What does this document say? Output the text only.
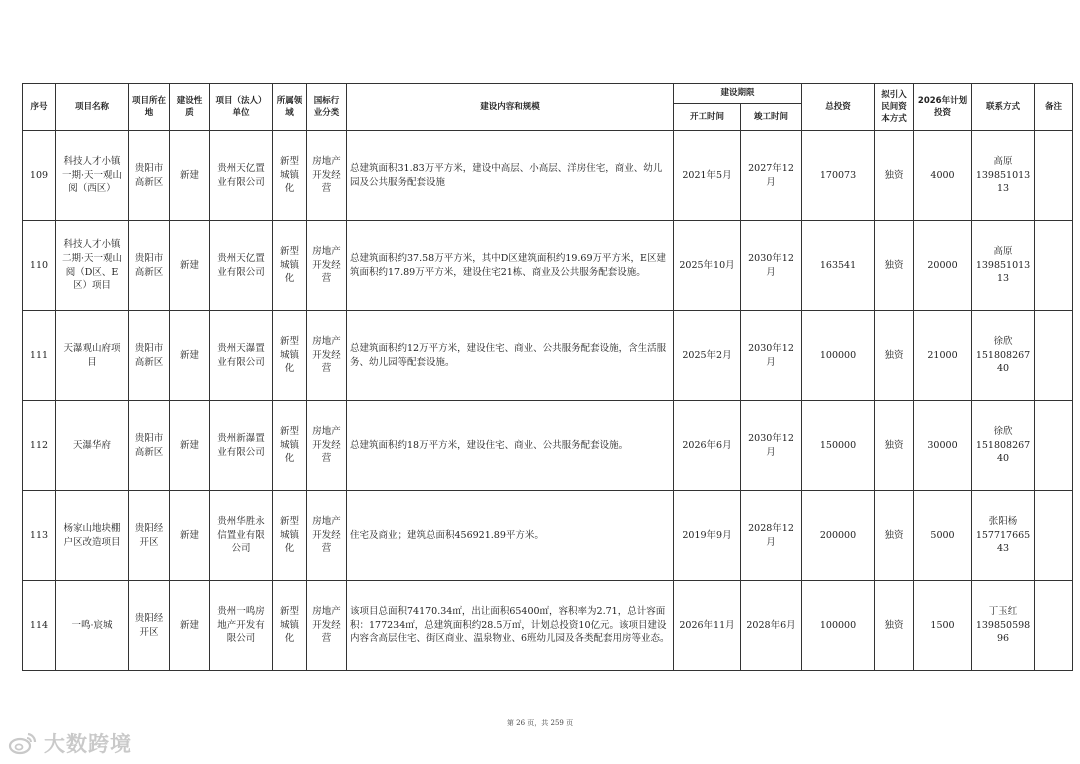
序号	项目名称	项目所在地	建设性质	项目（法人）单位	所属领域	国标行业分类	建设内容和规模	建设期限		总投资	拟引入民间资本方式	2026年计划投资	联系方式	备注
								开工时间	竣工时间					
109	科技人才小镇一期·天一观山阅（西区）	贵阳市高新区	新建	贵州天亿置业有限公司	新型城镇化	房地产开发经营	总建筑面积31.83万平方米，建设中高层、小高层、洋房住宅，商业、幼儿园及公共服务配套设施	2021年5月	2027年12月	170073	独资	4000	高原
13985101313	
110	科技人才小镇二期·天一观山阅（D区、E区）项目	贵阳市高新区	新建	贵州天亿置业有限公司	新型城镇化	房地产开发经营	总建筑面积约37.58万平方米，其中D区建筑面积约19.69万平方米，E区建筑面积约17.89万平方米，建设住宅21栋、商业及公共服务配套设施。	2025年10月	2030年12月	163541	独资	20000	高原
13985101313	
111	天瀑观山府项目	贵阳市高新区	新建	贵州天瀑置业有限公司	新型城镇化	房地产开发经营	总建筑面积约12万平方米，建设住宅、商业、公共服务配套设施，含生活服务、幼儿园等配套设施。	2025年2月	2030年12月	100000	独资	21000	徐欣
15180826740	
112	天瀑华府	贵阳市高新区	新建	贵州新瀑置业有限公司	新型城镇化	房地产开发经营	总建筑面积约18万平方米，建设住宅、商业、公共服务配套设施。	2026年6月	2030年12月	150000	独资	30000	徐欣
15180826740	
113	杨家山地块棚户区改造项目	贵阳经开区	新建	贵州华胜永信置业有限公司	新型城镇化	房地产开发经营	住宅及商业；建筑总面积456921.89平方米。	2019年9月	2028年12月	200000	独资	5000	张阳杨
15771766543	
114	一鸣·宸城	贵阳经开区	新建	贵州一鸣房地产开发有限公司	新型城镇化	房地产开发经营	该项目总面积74170.34㎡，出让面积65400㎡，容积率为2.71，总计容面积：177234㎡，总建筑面积约28.5万㎡，计划总投资10亿元。该项目建设内容含高层住宅、街区商业、温泉物业、6班幼儿园及各类配套用房等业态。	2026年11月	2028年6月	100000	独资	1500	丁玉红
13985059896	
第 26 页，共 259 页
大数跨境
